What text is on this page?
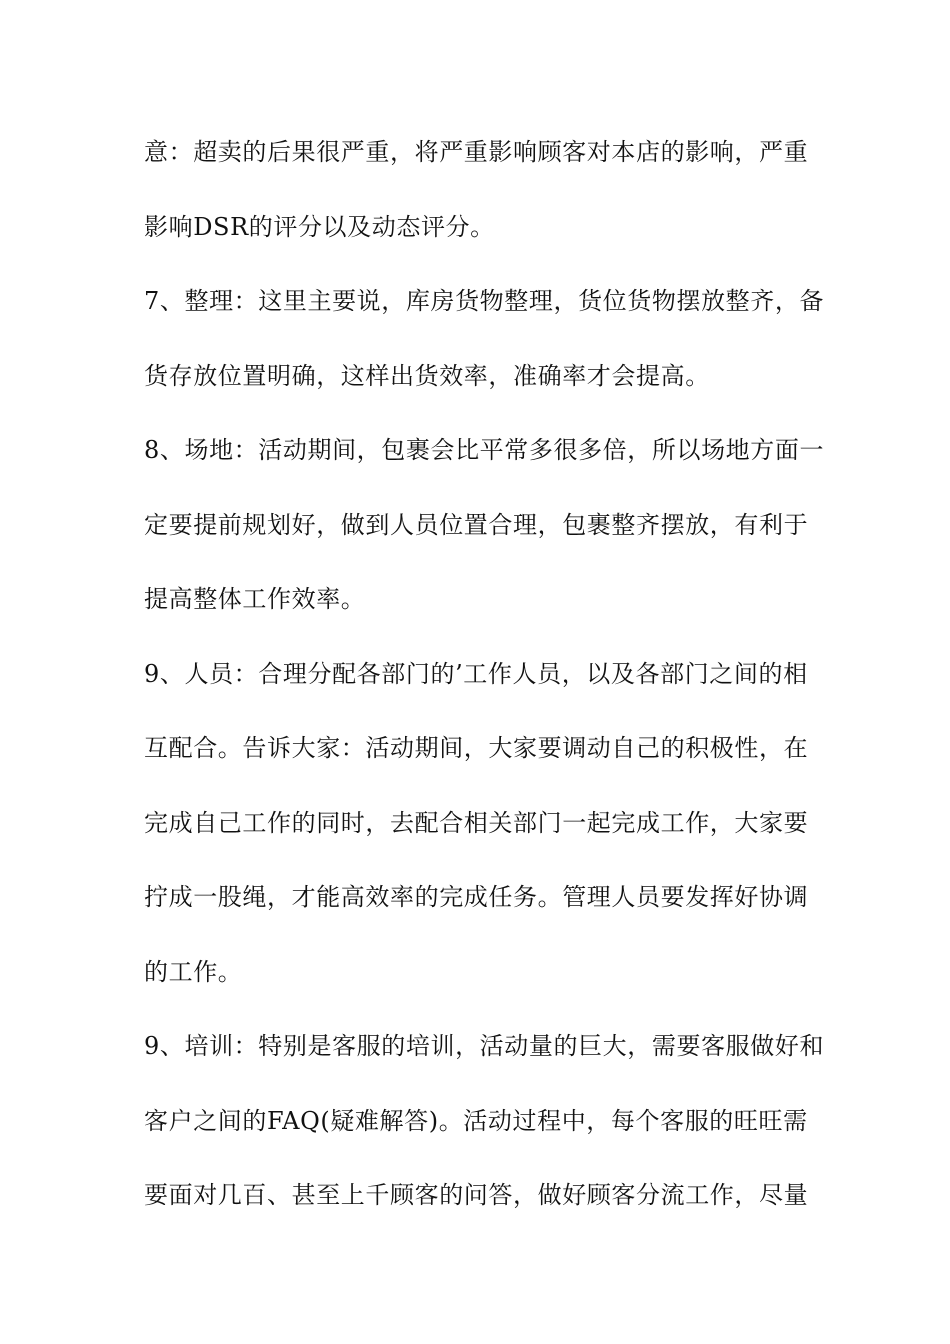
意：超卖的后果很严重，将严重影响顾客对本店的影响，严重
影响DSR的评分以及动态评分。
7、整理：这里主要说，库房货物整理，货位货物摆放整齐，备
货存放位置明确，这样出货效率，准确率才会提高。
8、场地：活动期间，包裹会比平常多很多倍，所以场地方面一
定要提前规划好，做到人员位置合理，包裹整齐摆放，有利于
提高整体工作效率。
9、人员：合理分配各部门的’工作人员，以及各部门之间的相
互配合。告诉大家：活动期间，大家要调动自己的积极性，在
完成自己工作的同时，去配合相关部门一起完成工作，大家要
拧成一股绳，才能高效率的完成任务。管理人员要发挥好协调
的工作。
9、培训：特别是客服的培训，活动量的巨大，需要客服做好和
客户之间的FAQ(疑难解答)。活动过程中，每个客服的旺旺需
要面对几百、甚至上千顾客的问答，做好顾客分流工作，尽量
